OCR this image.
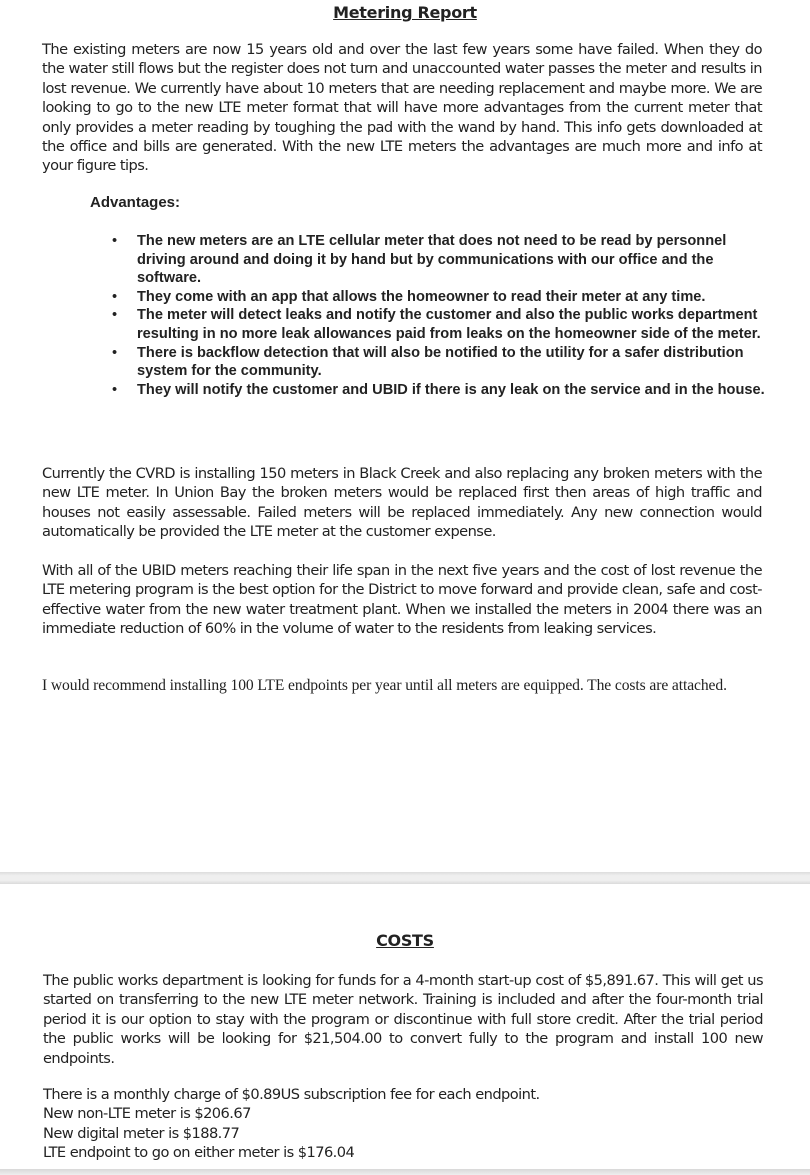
Metering Report
The existing meters are now 15 years old and over the last few years some have failed. When they do the water still flows but the register does not turn and unaccounted water passes the meter and results in lost revenue. We currently have about 10 meters that are needing replacement and maybe more. We are looking to go to the new LTE meter format that will have more advantages from the current meter that only provides a meter reading by toughing the pad with the wand by hand. This info gets downloaded at the office and bills are generated. With the new LTE meters the advantages are much more and info at your figure tips.
Advantages:
•	The new meters are an LTE cellular meter that does not need to be read by personnel driving around and doing it by hand but by communications with our office and the software.
•	They come with an app that allows the homeowner to read their meter at any time.
•	The meter will detect leaks and notify the customer and also the public works department resulting in no more leak allowances paid from leaks on the homeowner side of the meter.
•	There is backflow detection that will also be notified to the utility for a safer distribution system for the community.
•	They will notify the customer and UBID if there is any leak on the service and in the house.
Currently the CVRD is installing 150 meters in Black Creek and also replacing any broken meters with the new LTE meter. In Union Bay the broken meters would be replaced first then areas of high traffic and houses not easily assessable. Failed meters will be replaced immediately. Any new connection would automatically be provided the LTE meter at the customer expense.
With all of the UBID meters reaching their life span in the next five years and the cost of lost revenue the LTE metering program is the best option for the District to move forward and provide clean, safe and cost-effective water from the new water treatment plant. When we installed the meters in 2004 there was an immediate reduction of 60% in the volume of water to the residents from leaking services.
I would recommend installing 100 LTE endpoints per year until all meters are equipped. The costs are attached.
COSTS
The public works department is looking for funds for a 4-month start-up cost of $5,891.67. This will get us started on transferring to the new LTE meter network. Training is included and after the four-month trial period it is our option to stay with the program or discontinue with full store credit. After the trial period the public works will be looking for $21,504.00 to convert fully to the program and install 100 new endpoints.
There is a monthly charge of $0.89US subscription fee for each endpoint.
New non-LTE meter is $206.67
New digital meter is $188.77
LTE endpoint to go on either meter is $176.04
